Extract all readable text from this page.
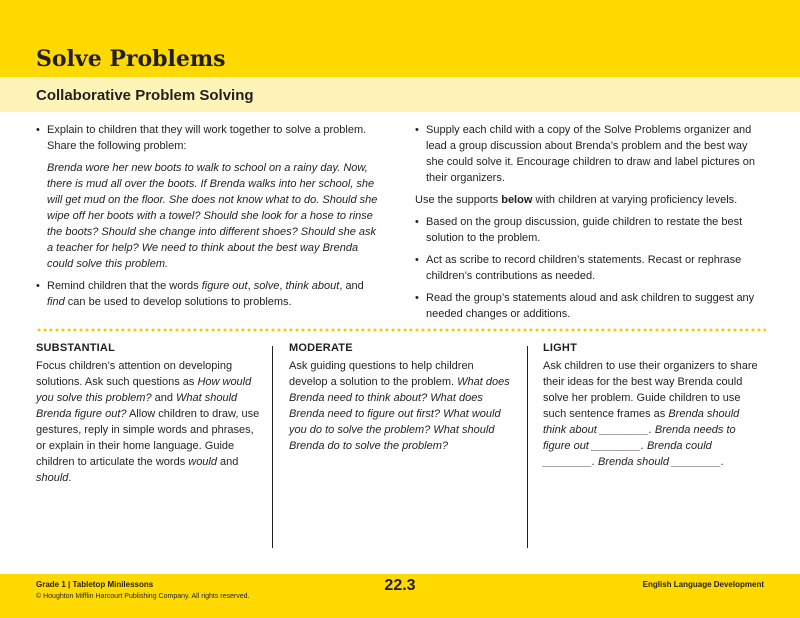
Solve Problems
Collaborative Problem Solving
• Explain to children that they will work together to solve a problem. Share the following problem:
Brenda wore her new boots to walk to school on a rainy day. Now, there is mud all over the boots. If Brenda walks into her school, she will get mud on the floor. She does not know what to do. Should she wipe off her boots with a towel? Should she look for a hose to rinse the boots? Should she change into different shoes? Should she ask a teacher for help? We need to think about the best way Brenda could solve this problem.
• Remind children that the words figure out, solve, think about, and find can be used to develop solutions to problems.
• Supply each child with a copy of the Solve Problems organizer and lead a group discussion about Brenda’s problem and the best way she could solve it. Encourage children to draw and label pictures on their organizers.

Use the supports below with children at varying proficiency levels.

• Based on the group discussion, guide children to restate the best solution to the problem.
• Act as scribe to record children’s statements. Recast or rephrase children’s contributions as needed.
• Read the group’s statements aloud and ask children to suggest any needed changes or additions.
SUBSTANTIAL
Focus children’s attention on developing solutions. Ask such questions as How would you solve this problem? and What should Brenda figure out? Allow children to draw, use gestures, reply in simple words and phrases, or explain in their home language. Guide children to articulate the words would and should.
MODERATE
Ask guiding questions to help children develop a solution to the problem. What does Brenda need to think about? What does Brenda need to figure out first? What would you do to solve the problem? What should Brenda do to solve the problem?
LIGHT
Ask children to use their organizers to share their ideas for the best way Brenda could solve her problem. Guide children to use such sentence frames as Brenda should think about ________. Brenda needs to figure out ________. Brenda could ________. Brenda should ________.
Grade 1 | Tabletop Minilessons
© Houghton Mifflin Harcourt Publishing Company. All rights reserved.
22.3	English Language Development
